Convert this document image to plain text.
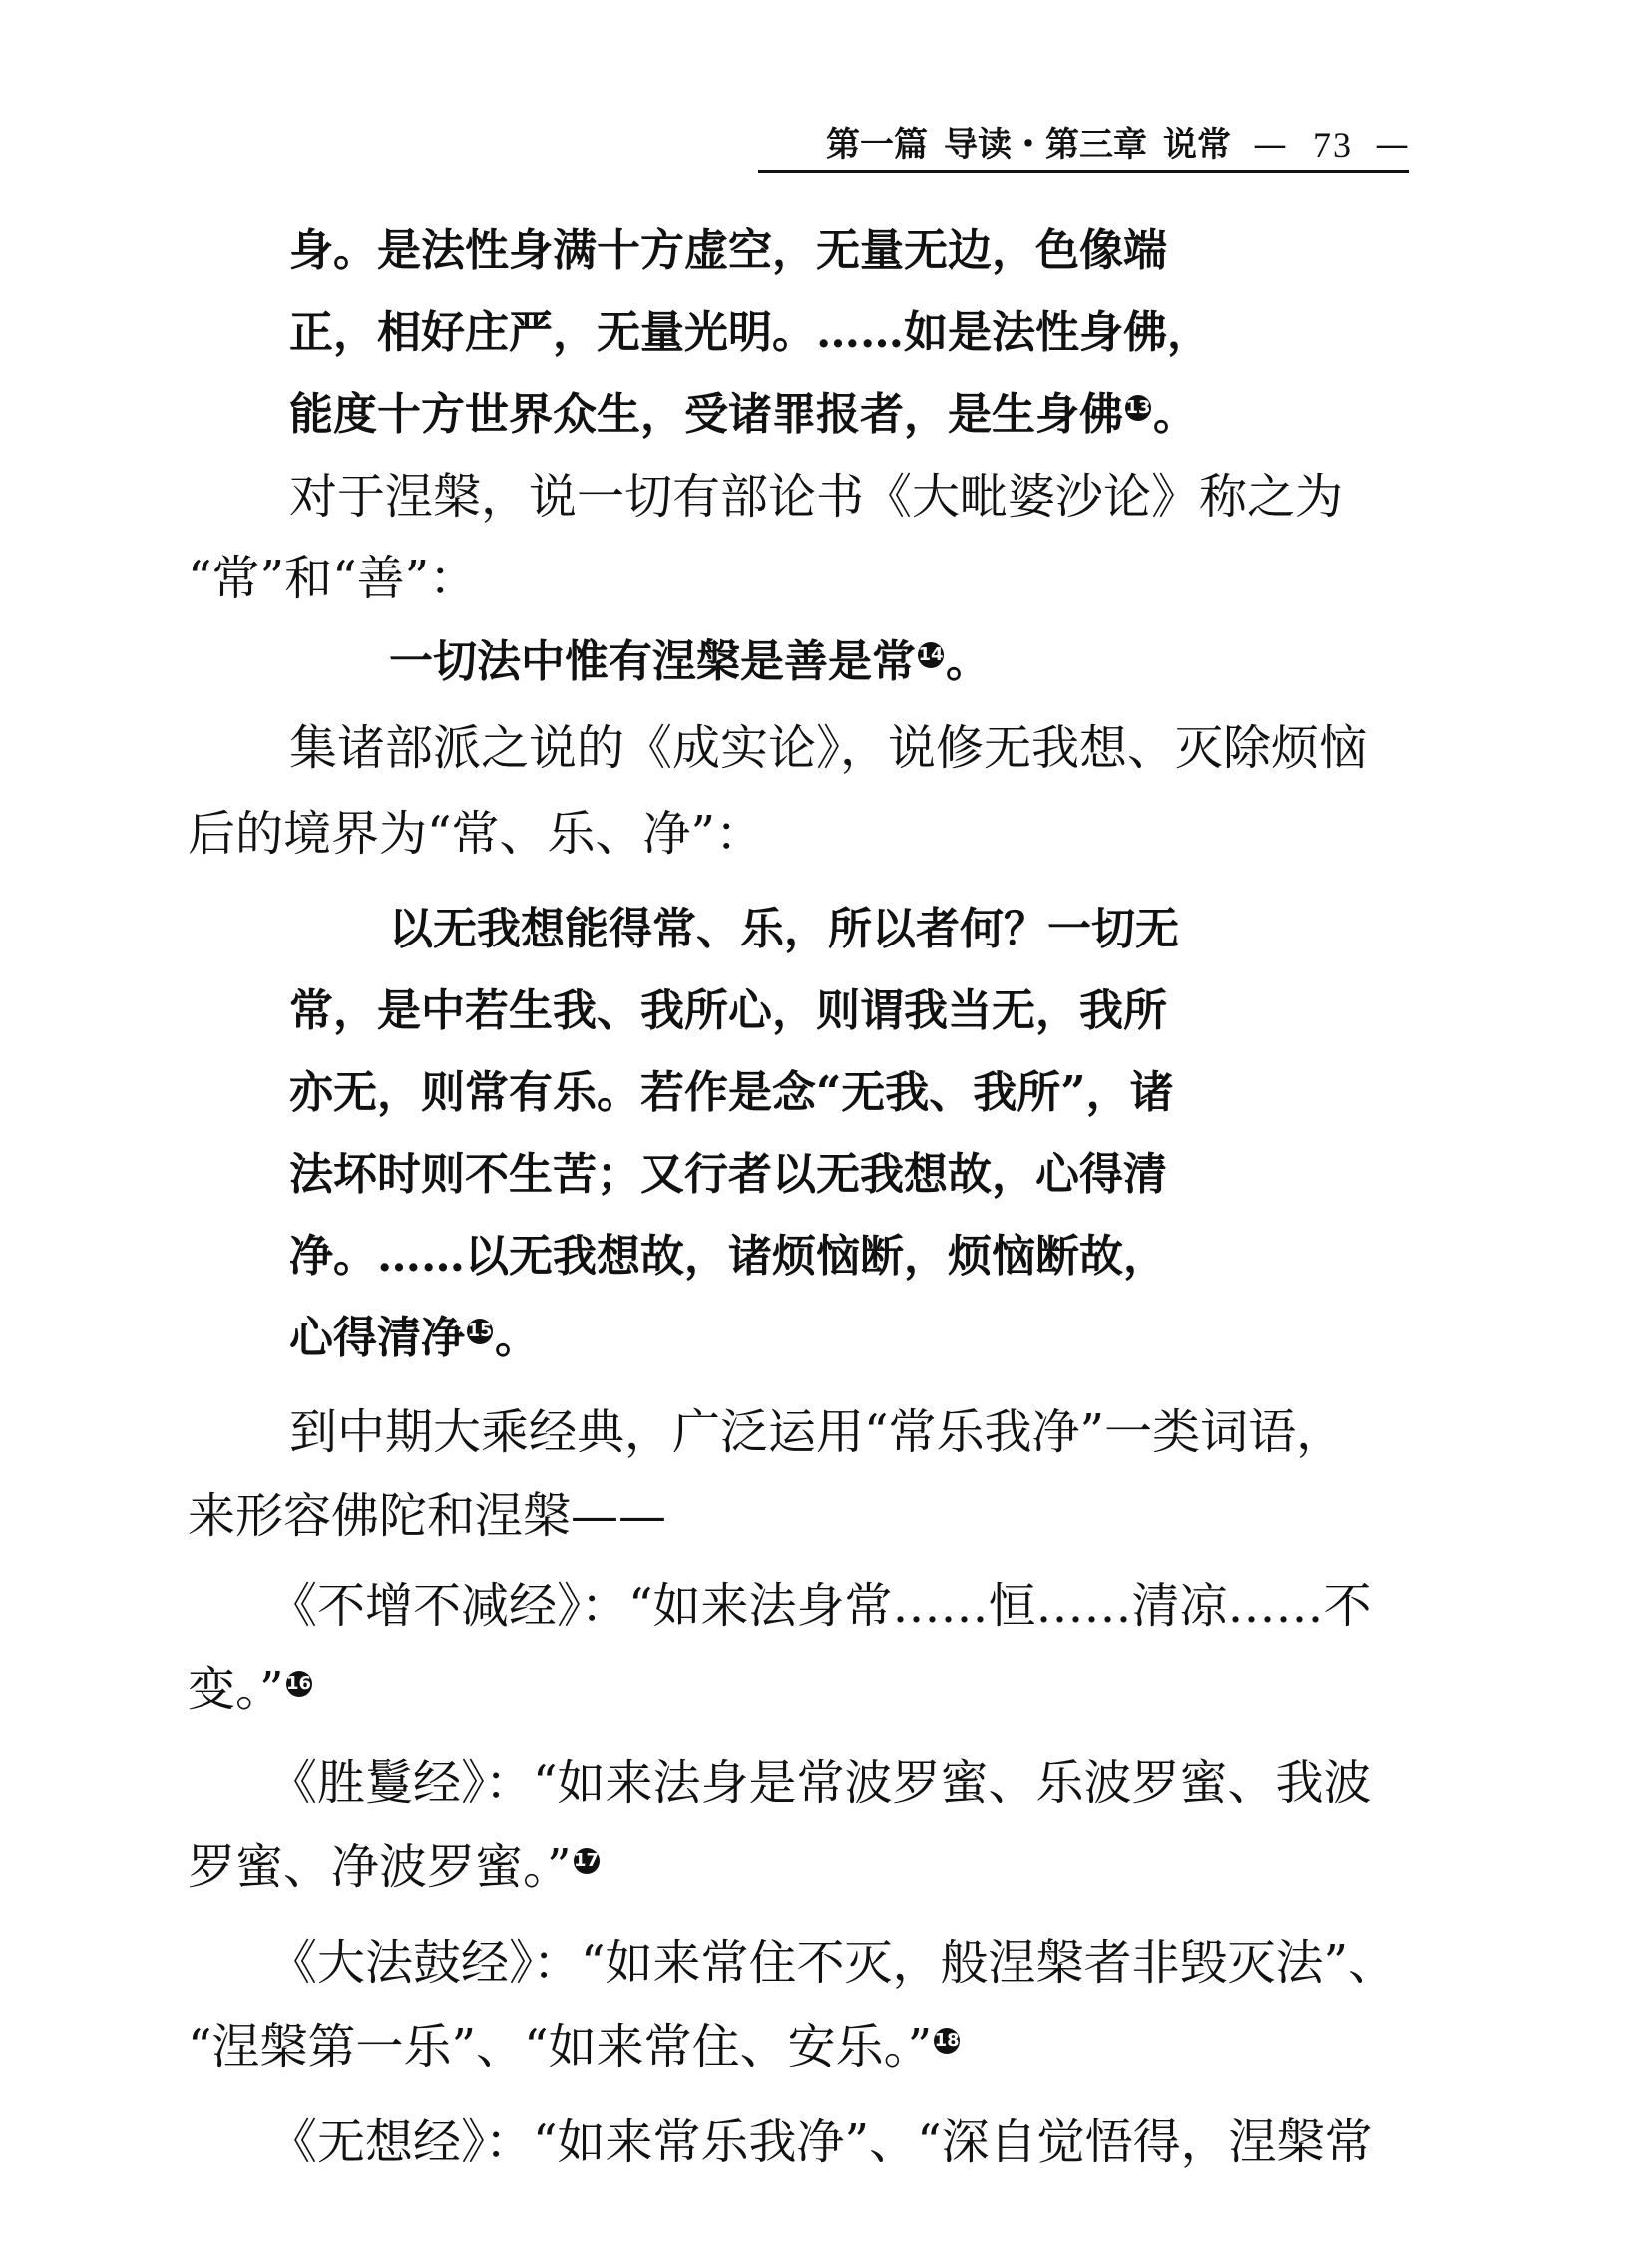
第一篇 导读・第三章 说常 — 73 —

身。是法性身满十方虚空，无量无边，色像端

正，相好庄严，无量光明。……如是法性身佛，

能度十方世界众生，受诸罪报者，是生身佛 13。

对于涅槃，说一切有部论书《大毗婆沙论》称之为

“常”和“善”：

一切法中惟有涅槃是善是常 14。

集诸部派之说的《成实论》，说修无我想、灭除烦恼

后的境界为“常、乐、净”：

以无我想能得常、乐，所以者何？一切无

常，是中若生我、我所心，则谓我当无，我所

亦无，则常有乐。若作是念“无我、我所”，诸

法坏时则不生苦；又行者以无我想故，心得清

净。……以无我想故，诸烦恼断，烦恼断故，

心得清净 15。

到中期大乘经典，广泛运用“常乐我净”一类词语，

来形容佛陀和涅槃——

《不增不减经》：“如来法身常……恒……清凉……不

变。” 16

《胜鬘经》：“如来法身是常波罗蜜、乐波罗蜜、我波

罗蜜、净波罗蜜。” 17

《大法鼓经》：“如来常住不灭，般涅槃者非毁灭法”、

“涅槃第一乐”、“如来常住、安乐。” 18

《无想经》：“如来常乐我净”、“深自觉悟得，涅槃常
